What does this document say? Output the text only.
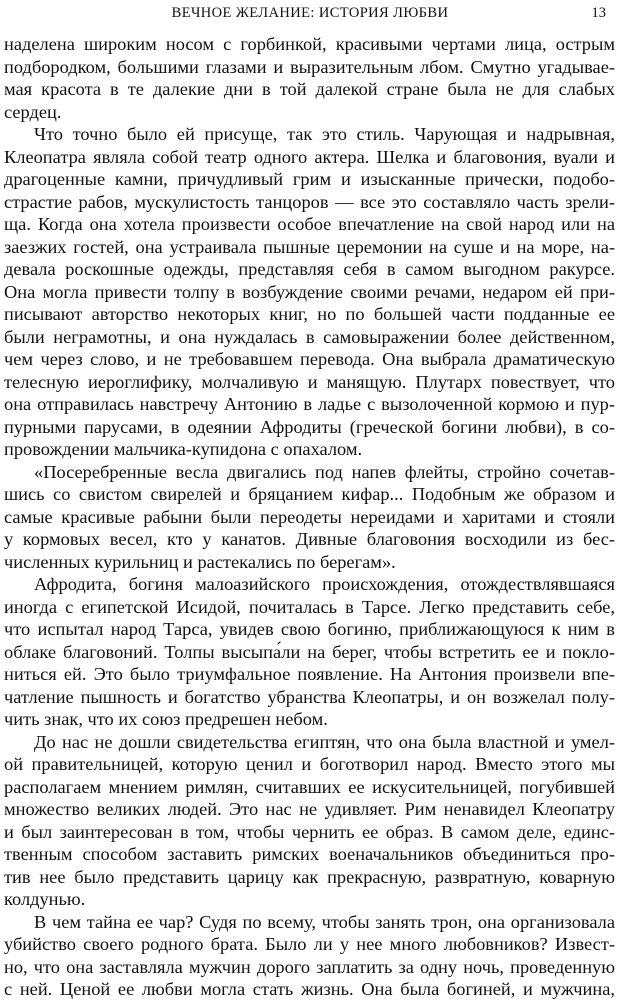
ВЕЧНОЕ ЖЕЛАНИЕ: ИСТОРИЯ ЛЮБВИ	13
наделена широким носом с горбинкой, красивыми чертами лица, острым
подбородком, большими глазами и выразительным лбом. Смутно угадывае-
мая красота в те далекие дни в той далекой стране была не для слабых
сердец.
Что точно было ей присуще, так это стиль. Чарующая и надрывная,
Клеопатра являла собой театр одного актера. Шелка и благовония, вуали и
драгоценные камни, причудливый грим и изысканные прически, подобо-
страстие рабов, мускулистость танцоров — все это составляло часть зрели-
ща. Когда она хотела произвести особое впечатление на свой народ или на
заезжих гостей, она устраивала пышные церемонии на суше и на море, на-
девала роскошные одежды, представляя себя в самом выгодном ракурсе.
Она могла привести толпу в возбуждение своими речами, недаром ей при-
писывают авторство некоторых книг, но по большей части подданные ее
были неграмотны, и она нуждалась в самовыражении более действенном,
чем через слово, и не требовавшем перевода. Она выбрала драматическую
телесную иероглифику, молчаливую и манящую. Плутарх повествует, что
она отправилась навстречу Антонию в ладье с вызолоченной кормою и пур-
пурными парусами, в одеянии Афродиты (греческой богини любви), в со-
провождении мальчика-купидона с опахалом.
«Посеребренные весла двигались под напев флейты, стройно сочетав-
шись со свистом свирелей и бряцанием кифар... Подобным же образом и
самые красивые рабыни были переодеты нереидами и харитами и стояли
у кормовых весел, кто у канатов. Дивные благовония восходили из бес-
численных курильниц и растекались по берегам».
Афродита, богиня малоазийского происхождения, отождествлявшаяся
иногда с египетской Исидой, почиталась в Тарсе. Легко представить себе,
что испытал народ Тарса, увидев свою богиню, приближающуюся к ним в
облаке благовоний. Толпы высыпа́ли на берег, чтобы встретить ее и покло-
ниться ей. Это было триумфальное появление. На Антония произвели впе-
чатление пышность и богатство убранства Клеопатры, и он возжелал полу-
чить знак, что их союз предрешен небом.
До нас не дошли свидетельства египтян, что она была властной и умел-
ой правительницей, которую ценил и боготворил народ. Вместо этого мы
располагаем мнением римлян, считавших ее искусительницей, погубившей
множество великих людей. Это нас не удивляет. Рим ненавидел Клеопатру
и был заинтересован в том, чтобы чернить ее образ. В самом деле, единс-
твенным способом заставить римских военачальников объединиться про-
тив нее было представить царицу как прекрасную, развратную, коварную
колдунью.
В чем тайна ее чар? Судя по всему, чтобы занять трон, она организовала
убийство своего родного брата. Было ли у нее много любовников? Извест-
но, что она заставляла мужчин дорого заплатить за одну ночь, проведенную
с ней. Ценой ее любви могла стать жизнь. Она была богиней, и мужчина,
